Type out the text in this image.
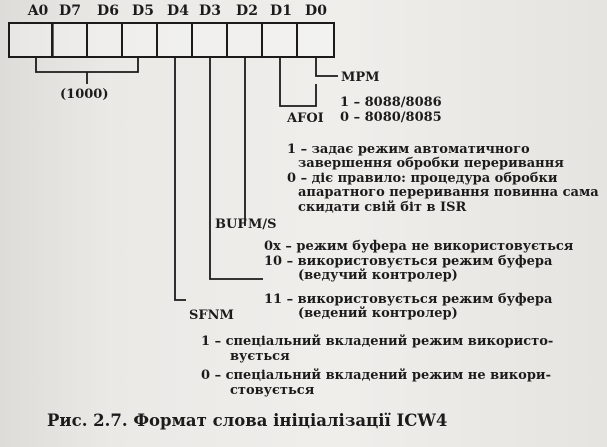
A0 D7	D6 D5 D4 D3	D2 D1 D0
(1000)
MPM
1 – 8088/8086
0 – 8080/8085
AFOI
1 – задає режим автоматичного
завершення обробки переривання
0 – діє правило: процедура обробки
апаратного переривання повинна сама
скидати свій біт в ISR
BUF M/S
0x – режим буфера не використовується
10 – використовується режим буфера
(ведучий контролер)
11 – використовується режим буфера
(ведений контролер)
SFNM
1 – спеціальний вкладений режим використо-
вується
0 – спеціальний вкладений режим не викори-
стовується
Рис. 2.7. Формат слова ініціалізації ICW4
